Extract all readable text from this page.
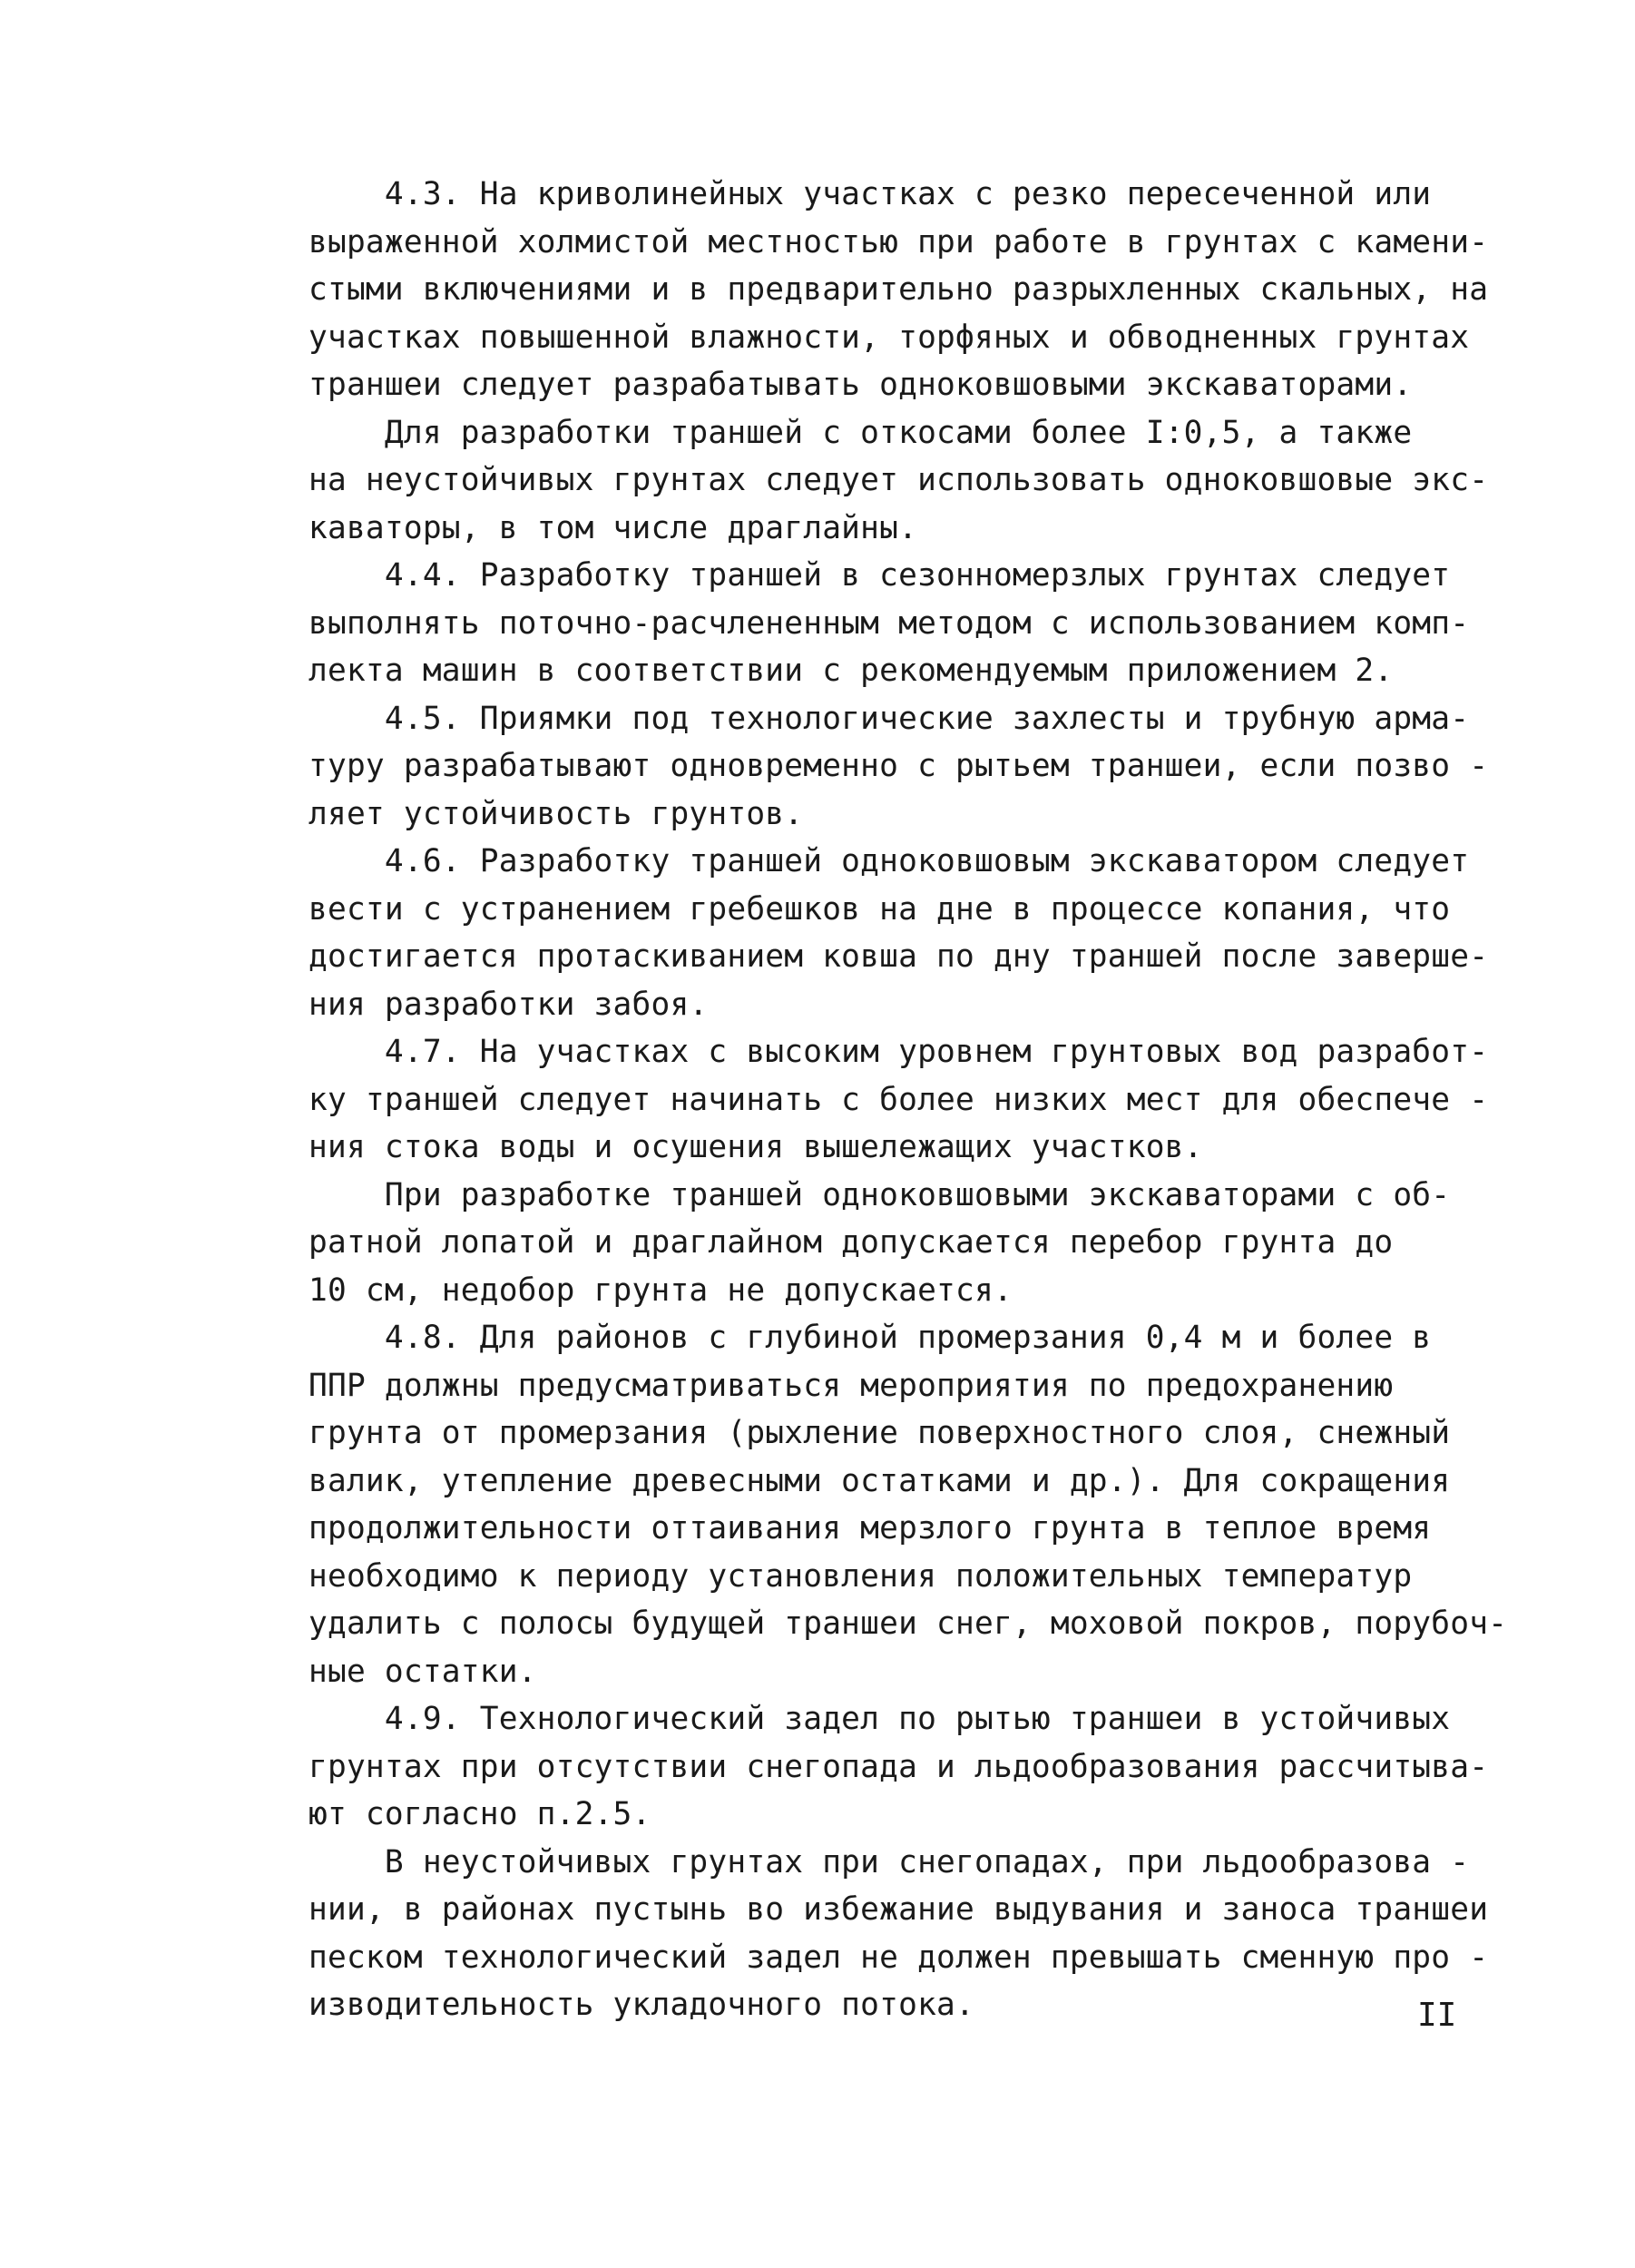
4.3. На криволинейных участках с резко пересеченной или
выраженной холмистой местностью при работе в грунтах с камени-
стыми включениями и в предварительно разрыхленных скальных, на
участках повышенной влажности, торфяных и обводненных грунтах
траншеи следует разрабатывать одноковшовыми экскаваторами.
Для разработки траншей с откосами более I:0,5, а также
на неустойчивых грунтах следует использовать одноковшовые экс-
каваторы, в том числе драглайны.
4.4. Разработку траншей в сезонномерзлых грунтах следует
выполнять поточно-расчлененным методом с использованием комп-
лекта машин в соответствии с рекомендуемым приложением 2.
4.5. Приямки под технологические захлесты и трубную арма-
туру разрабатывают одновременно с рытьем траншеи, если позво -
ляет устойчивость грунтов.
4.6. Разработку траншей одноковшовым экскаватором следует
вести с устранением гребешков на дне в процессе копания, что
достигается протаскиванием ковша по дну траншей после заверше-
ния разработки забоя.
4.7. На участках с высоким уровнем грунтовых вод разработ-
ку траншей следует начинать с более низких мест для обеспече -
ния стока воды и осушения вышележащих участков.
При разработке траншей одноковшовыми экскаваторами с об-
ратной лопатой и драглайном допускается перебор грунта до
10 см, недобор грунта не допускается.
4.8. Для районов с глубиной промерзания 0,4 м и более в
ППР должны предусматриваться мероприятия по предохранению
грунта от промерзания (рыхление поверхностного слоя, снежный
валик, утепление древесными остатками и др.). Для сокращения
продолжительности оттаивания мерзлого грунта в теплое время
необходимо к периоду установления положительных температур
удалить с полосы будущей траншеи снег, моховой покров, порубоч-
ные остатки.
4.9. Технологический задел по рытью траншеи в устойчивых
грунтах при отсутствии снегопада и льдообразования рассчитыва-
ют согласно п.2.5.
В неустойчивых грунтах при снегопадах, при льдообразова -
нии, в районах пустынь во избежание выдувания и заноса траншеи
песком технологический задел не должен превышать сменную про -
изводительность укладочного потока.	II
